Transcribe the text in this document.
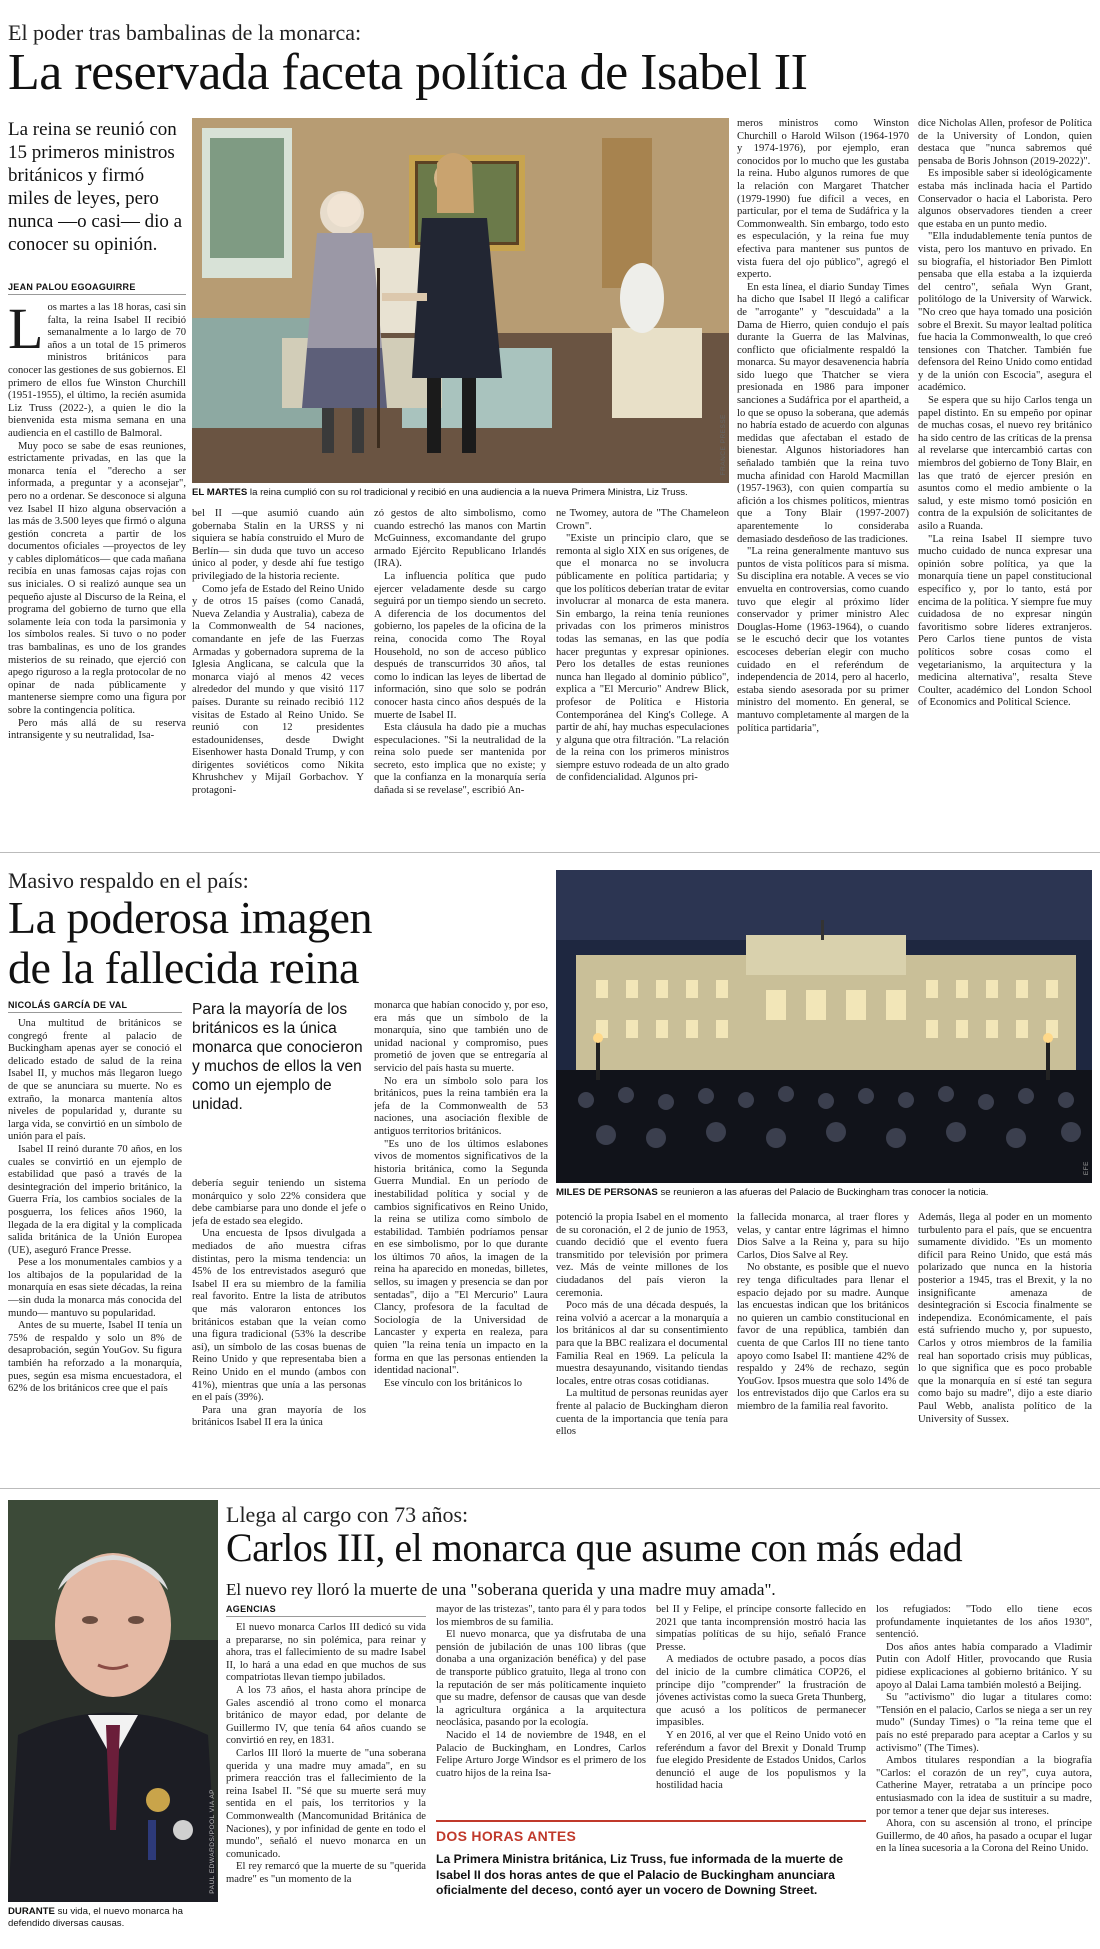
El poder tras bambalinas de la monarca:
La reservada faceta política de Isabel II
La reina se reunió con 15 primeros ministros británicos y firmó miles de leyes, pero nunca —o casi— dio a conocer su opinión.
JEAN PALOU EGOAGUIRRE
FRANCE PRESSE
EL MARTES la reina cumplió con su rol tradicional y recibió en una audiencia a la nueva Primera Ministra, Liz Truss.
L os martes a las 18 horas, casi sin falta, la reina Isabel II recibió semanalmente a lo largo de 70 años a un total de 15 primeros ministros británicos para conocer las gestiones de sus gobiernos. El primero de ellos fue Winston Churchill (1951-1955), el último, la recién asumida Liz Truss (2022-), a quien le dio la bienvenida esta misma semana en una audiencia en el castillo de Balmoral.

Muy poco se sabe de esas reuniones, estrictamente privadas, en las que la monarca tenía el "derecho a ser informada, a preguntar y a aconsejar", pero no a ordenar. Se desconoce si alguna vez Isabel II hizo alguna observación a las más de 3.500 leyes que firmó o alguna gestión concreta a partir de los documentos oficiales —proyectos de ley y cables diplomáticos— que cada mañana recibía en unas famosas cajas rojas con sus iniciales. O si realizó aunque sea un pequeño ajuste al Discurso de la Reina, el programa del gobierno de turno que ella solamente leía con toda la parsimonia y los símbolos reales. Si tuvo o no poder tras bambalinas, es uno de los grandes misterios de su reinado, que ejerció con apego riguroso a la regla protocolar de no opinar de nada públicamente y mantenerse siempre como una figura por sobre la contingencia política.

Pero más allá de su reserva intransigente y su neutralidad, Isa-

bel II —que asumió cuando aún gobernaba Stalin en la URSS y ni siquiera se había construido el Muro de Berlín— sin duda que tuvo un acceso único al poder, y desde ahí fue testigo privilegiado de la historia reciente.

Como jefa de Estado del Reino Unido y de otros 15 países (como Canadá, Nueva Zelandia y Australia), cabeza de la Commonwealth de 54 naciones, comandante en jefe de las Fuerzas Armadas y gobernadora suprema de la Iglesia Anglicana, se calcula que la monarca viajó al menos 42 veces alrededor del mundo y que visitó 117 países. Durante su reinado recibió 112 visitas de Estado al Reino Unido. Se reunió con 12 presidentes estadounidenses, desde Dwight Eisenhower hasta Donald Trump, y con dirigentes soviéticos como Nikita Khrushchev y Mijaíl Gorbachov. Y protagoni-

zó gestos de alto simbolismo, como cuando estrechó las manos con Martin McGuinness, excomandante del grupo armado Ejército Republicano Irlandés (IRA).

La influencia política que pudo ejercer veladamente desde su cargo seguirá por un tiempo siendo un secreto. A diferencia de los documentos del gobierno, los papeles de la oficina de la reina, conocida como The Royal Household, no son de acceso público después de transcurridos 30 años, tal como lo indican las leyes de libertad de información, sino que solo se podrán conocer hasta cinco años después de la muerte de Isabel II.

Esta cláusula ha dado pie a muchas especulaciones. "Si la neutralidad de la reina solo puede ser mantenida por secreto, esto implica que no existe; y que la confianza en la monarquía sería dañada si se revelase", escribió An-

ne Twomey, autora de "The Chameleon Crown".

"Existe un principio claro, que se remonta al siglo XIX en sus orígenes, de que el monarca no se involucra públicamente en política partidaria; y que los políticos deberían tratar de evitar involucrar al monarca de esta manera. Sin embargo, la reina tenía reuniones privadas con los primeros ministros todas las semanas, en las que podía hacer preguntas y expresar opiniones. Pero los detalles de estas reuniones nunca han llegado al dominio público", explica a "El Mercurio" Andrew Blick, profesor de Política e Historia Contemporánea del King's College. A partir de ahí, hay muchas especulaciones y alguna que otra filtración. "La relación de la reina con los primeros ministros siempre estuvo rodeada de un alto grado de confidencialidad. Algunos pri-

meros ministros como Winston Churchill o Harold Wilson (1964-1970 y 1974-1976), por ejemplo, eran conocidos por lo mucho que les gustaba la reina. Hubo algunos rumores de que la relación con Margaret Thatcher (1979-1990) fue difícil a veces, en particular, por el tema de Sudáfrica y la Commonwealth. Sin embargo, todo esto es especulación, y la reina fue muy efectiva para mantener sus puntos de vista fuera del ojo público", agregó el experto.

En esta línea, el diario Sunday Times ha dicho que Isabel II llegó a calificar de "arrogante" y "descuidada" a la Dama de Hierro, quien condujo el país durante la Guerra de las Malvinas, conflicto que oficialmente respaldó la monarca. Su mayor desavenencia habría sido luego que Thatcher se viera presionada en 1986 para imponer sanciones a Sudáfrica por el apartheid, a lo que se opuso la soberana, que además no habría estado de acuerdo con algunas medidas que afectaban el estado de bienestar. Algunos historiadores han señalado también que la reina tuvo mucha afinidad con Harold Macmillan (1957-1963), con quien compartía su afición a los chismes políticos, mientras que a Tony Blair (1997-2007) aparentemente lo consideraba demasiado desdeñoso de las tradiciones.

"La reina generalmente mantuvo sus puntos de vista políticos para sí misma. Su disciplina era notable. A veces se vio envuelta en controversias, como cuando tuvo que elegir al próximo líder conservador y primer ministro Alec Douglas-Home (1963-1964), o cuando se le escuchó decir que los votantes escoceses deberían elegir con mucho cuidado en el referéndum de independencia de 2014, pero al hacerlo, estaba siendo asesorada por su primer ministro del momento. En general, se mantuvo completamente al margen de la política partidaria",

dice Nicholas Allen, profesor de Política de la University of London, quien destaca que "nunca sabremos qué pensaba de Boris Johnson (2019-2022)".

Es imposible saber si ideológicamente estaba más inclinada hacia el Partido Conservador o hacia el Laborista. Pero algunos observadores tienden a creer que estaba en un punto medio.

"Ella indudablemente tenía puntos de vista, pero los mantuvo en privado. En su biografía, el historiador Ben Pimlott pensaba que ella estaba a la izquierda del centro", señala Wyn Grant, politólogo de la University of Warwick. "No creo que haya tomado una posición sobre el Brexit. Su mayor lealtad política fue hacia la Commonwealth, lo que creó tensiones con Thatcher. También fue defensora del Reino Unido como entidad y de la unión con Escocia", asegura el académico.

Se espera que su hijo Carlos tenga un papel distinto. En su empeño por opinar de muchas cosas, el nuevo rey británico ha sido centro de las críticas de la prensa al revelarse que intercambió cartas con miembros del gobierno de Tony Blair, en las que trató de ejercer presión en asuntos como el medio ambiente o la salud, y este mismo tomó posición en contra de la expulsión de solicitantes de asilo a Ruanda.

"La reina Isabel II siempre tuvo mucho cuidado de nunca expresar una opinión sobre política, ya que la monarquía tiene un papel constitucional específico y, por lo tanto, está por encima de la política. Y siempre fue muy cuidadosa de no expresar ningún favoritismo sobre líderes extranjeros. Pero Carlos tiene puntos de vista políticos sobre cosas como el vegetarianismo, la arquitectura y la medicina alternativa", resalta Steve Coulter, académico del London School of Economics and Political Science.

Masivo respaldo en el país:
La poderosa imagen
de la fallecida reina
NICOLÁS GARCÍA DE VAL	Para la mayoría de los británicos es la única monarca que conocieron y muchos de ellos la ven como un ejemplo de unidad.
EFE
MILES DE PERSONAS se reunieron a las afueras del Palacio de Buckingham tras conocer la noticia.

Una multitud de británicos se congregó frente al palacio de Buckingham apenas ayer se conoció el delicado estado de salud de la reina Isabel II, y muchos más llegaron luego de que se anunciara su muerte. No es extraño, la monarca mantenía altos niveles de popularidad y, durante su larga vida, se convirtió en un símbolo de unión para el país.

Isabel II reinó durante 70 años, en los cuales se convirtió en un ejemplo de estabilidad que pasó a través de la desintegración del imperio británico, la Guerra Fría, los cambios sociales de la posguerra, los felices años 1960, la llegada de la era digital y la complicada salida británica de la Unión Europea (UE), aseguró France Presse.

Pese a los monumentales cambios y a los altibajos de la popularidad de la monarquía en esas siete décadas, la reina —sin duda la monarca más conocida del mundo— mantuvo su popularidad.

Antes de su muerte, Isabel II tenía un 75% de respaldo y solo un 8% de desaprobación, según YouGov. Su figura también ha reforzado a la monarquía, pues, según esa misma encuestadora, el 62% de los británicos cree que el país

debería seguir teniendo un sistema monárquico y solo 22% considera que debe cambiarse para uno donde el jefe o jefa de estado sea elegido.

Una encuesta de Ipsos divulgada a mediados de año muestra cifras distintas, pero la misma tendencia: un 45% de los entrevistados aseguró que Isabel II era su miembro de la familia real favorito. Entre la lista de atributos que más valoraron entonces los británicos estaban que la veían como una figura tradicional (53% la describe así), un símbolo de las cosas buenas de Reino Unido y que representaba bien a Reino Unido en el mundo (ambos con 41%), mientras que unía a las personas en el país (39%).

Para una gran mayoría de los británicos Isabel II era la única

monarca que habían conocido y, por eso, era más que un símbolo de la monarquía, sino que también uno de unidad nacional y compromiso, pues prometió de joven que se entregaría al servicio del país hasta su muerte.

No era un símbolo solo para los británicos, pues la reina también era la jefa de la Commonwealth de 53 naciones, una asociación flexible de antiguos territorios británicos.

"Es uno de los últimos eslabones vivos de momentos significativos de la historia británica, como la Segunda Guerra Mundial. En un período de inestabilidad política y social y de cambios significativos en Reino Unido, la reina se utiliza como símbolo de estabilidad. También podríamos pensar en ese simbolismo, por lo que durante los últimos 70 años, la imagen de la reina ha aparecido en monedas, billetes, sellos, su imagen y presencia se dan por sentadas", dijo a "El Mercurio" Laura Clancy, profesora de la facultad de Sociología de la Universidad de Lancaster y experta en realeza, para quien "la reina tenía un impacto en la forma en que las personas entienden la identidad nacional".

Ese vínculo con los británicos lo

potenció la propia Isabel en el momento de su coronación, el 2 de junio de 1953, cuando decidió que el evento fuera transmitido por televisión por primera vez. Más de veinte millones de los ciudadanos del país vieron la ceremonia.

Poco más de una década después, la reina volvió a acercar a la monarquía a los británicos al dar su consentimiento para que la BBC realizara el documental Familia Real en 1969. La película la muestra desayunando, visitando tiendas locales, entre otras cosas cotidianas.

La multitud de personas reunidas ayer frente al palacio de Buckingham dieron cuenta de la importancia que tenía para ellos

la fallecida monarca, al traer flores y velas, y cantar entre lágrimas el himno Dios Salve a la Reina y, para su hijo Carlos, Dios Salve al Rey.

No obstante, es posible que el nuevo rey tenga dificultades para llenar el espacio dejado por su madre. Aunque las encuestas indican que los británicos no quieren un cambio constitucional en favor de una república, también dan cuenta de que Carlos III no tiene tanto apoyo como Isabel II: mantiene 42% de respaldo y 24% de rechazo, según YouGov. Ipsos muestra que solo 14% de los entrevistados dijo que Carlos era su miembro de la familia real favorito.

Además, llega al poder en un momento turbulento para el país, que se encuentra sumamente dividido. "Es un momento difícil para Reino Unido, que está más polarizado que nunca en la historia posterior a 1945, tras el Brexit, y la no insignificante amenaza de desintegración si Escocia finalmente se independiza. Económicamente, el país está sufriendo mucho y, por supuesto, Carlos y otros miembros de la familia real han soportado crisis muy públicas, lo que significa que es poco probable que la monarquía en sí esté tan segura como bajo su madre", dijo a este diario Paul Webb, analista político de la University of Sussex.

PAUL EDWARDS/POOL VIA AP
DURANTE su vida, el nuevo monarca ha defendido diversas causas.
Llega al cargo con 73 años:
Carlos III, el monarca que asume con más edad
El nuevo rey lloró la muerte de una "soberana querida y una madre muy amada".
AGENCIAS

El nuevo monarca Carlos III dedicó su vida a prepararse, no sin polémica, para reinar y ahora, tras el fallecimiento de su madre Isabel II, lo hará a una edad en que muchos de sus compatriotas llevan tiempo jubilados.

A los 73 años, el hasta ahora príncipe de Gales ascendió al trono como el monarca británico de mayor edad, por delante de Guillermo IV, que tenía 64 años cuando se convirtió en rey, en 1831.

Carlos III lloró la muerte de "una soberana querida y una madre muy amada", en su primera reacción tras el fallecimiento de la reina Isabel II. "Sé que su muerte será muy sentida en el país, los territorios y la Commonwealth (Mancomunidad Británica de Naciones), y por infinidad de gente en todo el mundo", señaló el nuevo monarca en un comunicado.

El rey remarcó que la muerte de su "querida madre" es "un momento de la

mayor de las tristezas", tanto para él y para todos los miembros de su familia.

El nuevo monarca, que ya disfrutaba de una pensión de jubilación de unas 100 libras (que donaba a una organización benéfica) y del pase de transporte público gratuito, llega al trono con la reputación de ser más políticamente inquieto que su madre, defensor de causas que van desde la agricultura orgánica a la arquitectura neoclásica, pasando por la ecología.

Nacido el 14 de noviembre de 1948, en el Palacio de Buckingham, en Londres, Carlos Felipe Arturo Jorge Windsor es el primero de los cuatro hijos de la reina Isa-

bel II y Felipe, el príncipe consorte fallecido en 2021 que tanta incomprensión mostró hacia las simpatías políticas de su hijo, señaló France Presse.

A mediados de octubre pasado, a pocos días del inicio de la cumbre climática COP26, el príncipe dijo "comprender" la frustración de jóvenes activistas como la sueca Greta Thunberg, que acusó a los políticos de permanecer impasibles.

Y en 2016, al ver que el Reino Unido votó en referéndum a favor del Brexit y Donald Trump fue elegido Presidente de Estados Unidos, Carlos denunció el auge de los populismos y la hostilidad hacia

los refugiados: "Todo ello tiene ecos profundamente inquietantes de los años 1930", sentenció.

Dos años antes había comparado a Vladimir Putin con Adolf Hitler, provocando que Rusia pidiese explicaciones al gobierno británico. Y su apoyo al Dalai Lama también molestó a Beijing.

Su "activismo" dio lugar a titulares como: "Tensión en el palacio, Carlos se niega a ser un rey mudo" (Sunday Times) o "la reina teme que el país no esté preparado para aceptar a Carlos y su activismo" (The Times).

Ambos titulares respondían a la biografía "Carlos: el corazón de un rey", cuya autora, Catherine Mayer, retrataba a un príncipe poco entusiasmado con la idea de sustituir a su madre, por temor a tener que dejar sus intereses.

Ahora, con su ascensión al trono, el príncipe Guillermo, de 40 años, ha pasado a ocupar el lugar en la línea sucesoria a la Corona del Reino Unido.

DOS HORAS ANTES
La Primera Ministra británica, Liz Truss, fue informada de la muerte de Isabel II dos horas antes de que el Palacio de Buckingham anunciara oficialmente del deceso, contó ayer un vocero de Downing Street.
